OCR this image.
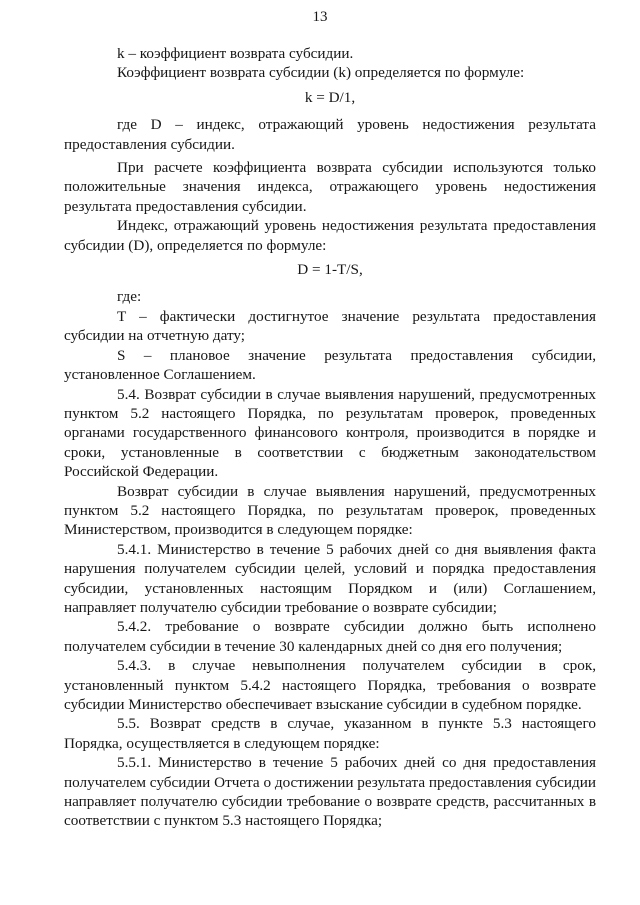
13

k – коэффициент возврата субсидии.

Коэффициент возврата субсидии (k) определяется по формуле:

k = D/1,

где D – индекс, отражающий уровень недостижения результата предоставления субсидии.

При расчете коэффициента возврата субсидии используются только положительные значения индекса, отражающего уровень недостижения результата предоставления субсидии.

Индекс, отражающий уровень недостижения результата предоставления субсидии (D), определяется по формуле:

D = 1-T/S,

где:

T – фактически достигнутое значение результата предоставления субсидии на отчетную дату;

S – плановое значение результата предоставления субсидии, установленное Соглашением.

5.4. Возврат субсидии в случае выявления нарушений, предусмотренных пунктом 5.2 настоящего Порядка, по результатам проверок, проведенных органами государственного финансового контроля, производится в порядке и сроки, установленные в соответствии с бюджетным законодательством Российской Федерации.

Возврат субсидии в случае выявления нарушений, предусмотренных пунктом 5.2 настоящего Порядка, по результатам проверок, проведенных Министерством, производится в следующем порядке:

5.4.1. Министерство в течение 5 рабочих дней со дня выявления факта нарушения получателем субсидии целей, условий и порядка предоставления субсидии, установленных настоящим Порядком и (или) Соглашением, направляет получателю субсидии требование о возврате субсидии;

5.4.2. требование о возврате субсидии должно быть исполнено получателем субсидии в течение 30 календарных дней со дня его получения;

5.4.3. в случае невыполнения получателем субсидии в срок, установленный пунктом 5.4.2 настоящего Порядка, требования о возврате субсидии Министерство обеспечивает взыскание субсидии в судебном порядке.

5.5. Возврат средств в случае, указанном в пункте 5.3 настоящего Порядка, осуществляется в следующем порядке:

5.5.1. Министерство в течение 5 рабочих дней со дня предоставления получателем субсидии Отчета о достижении результата предоставления субсидии направляет получателю субсидии требование о возврате средств, рассчитанных в соответствии с пунктом 5.3 настоящего Порядка;
